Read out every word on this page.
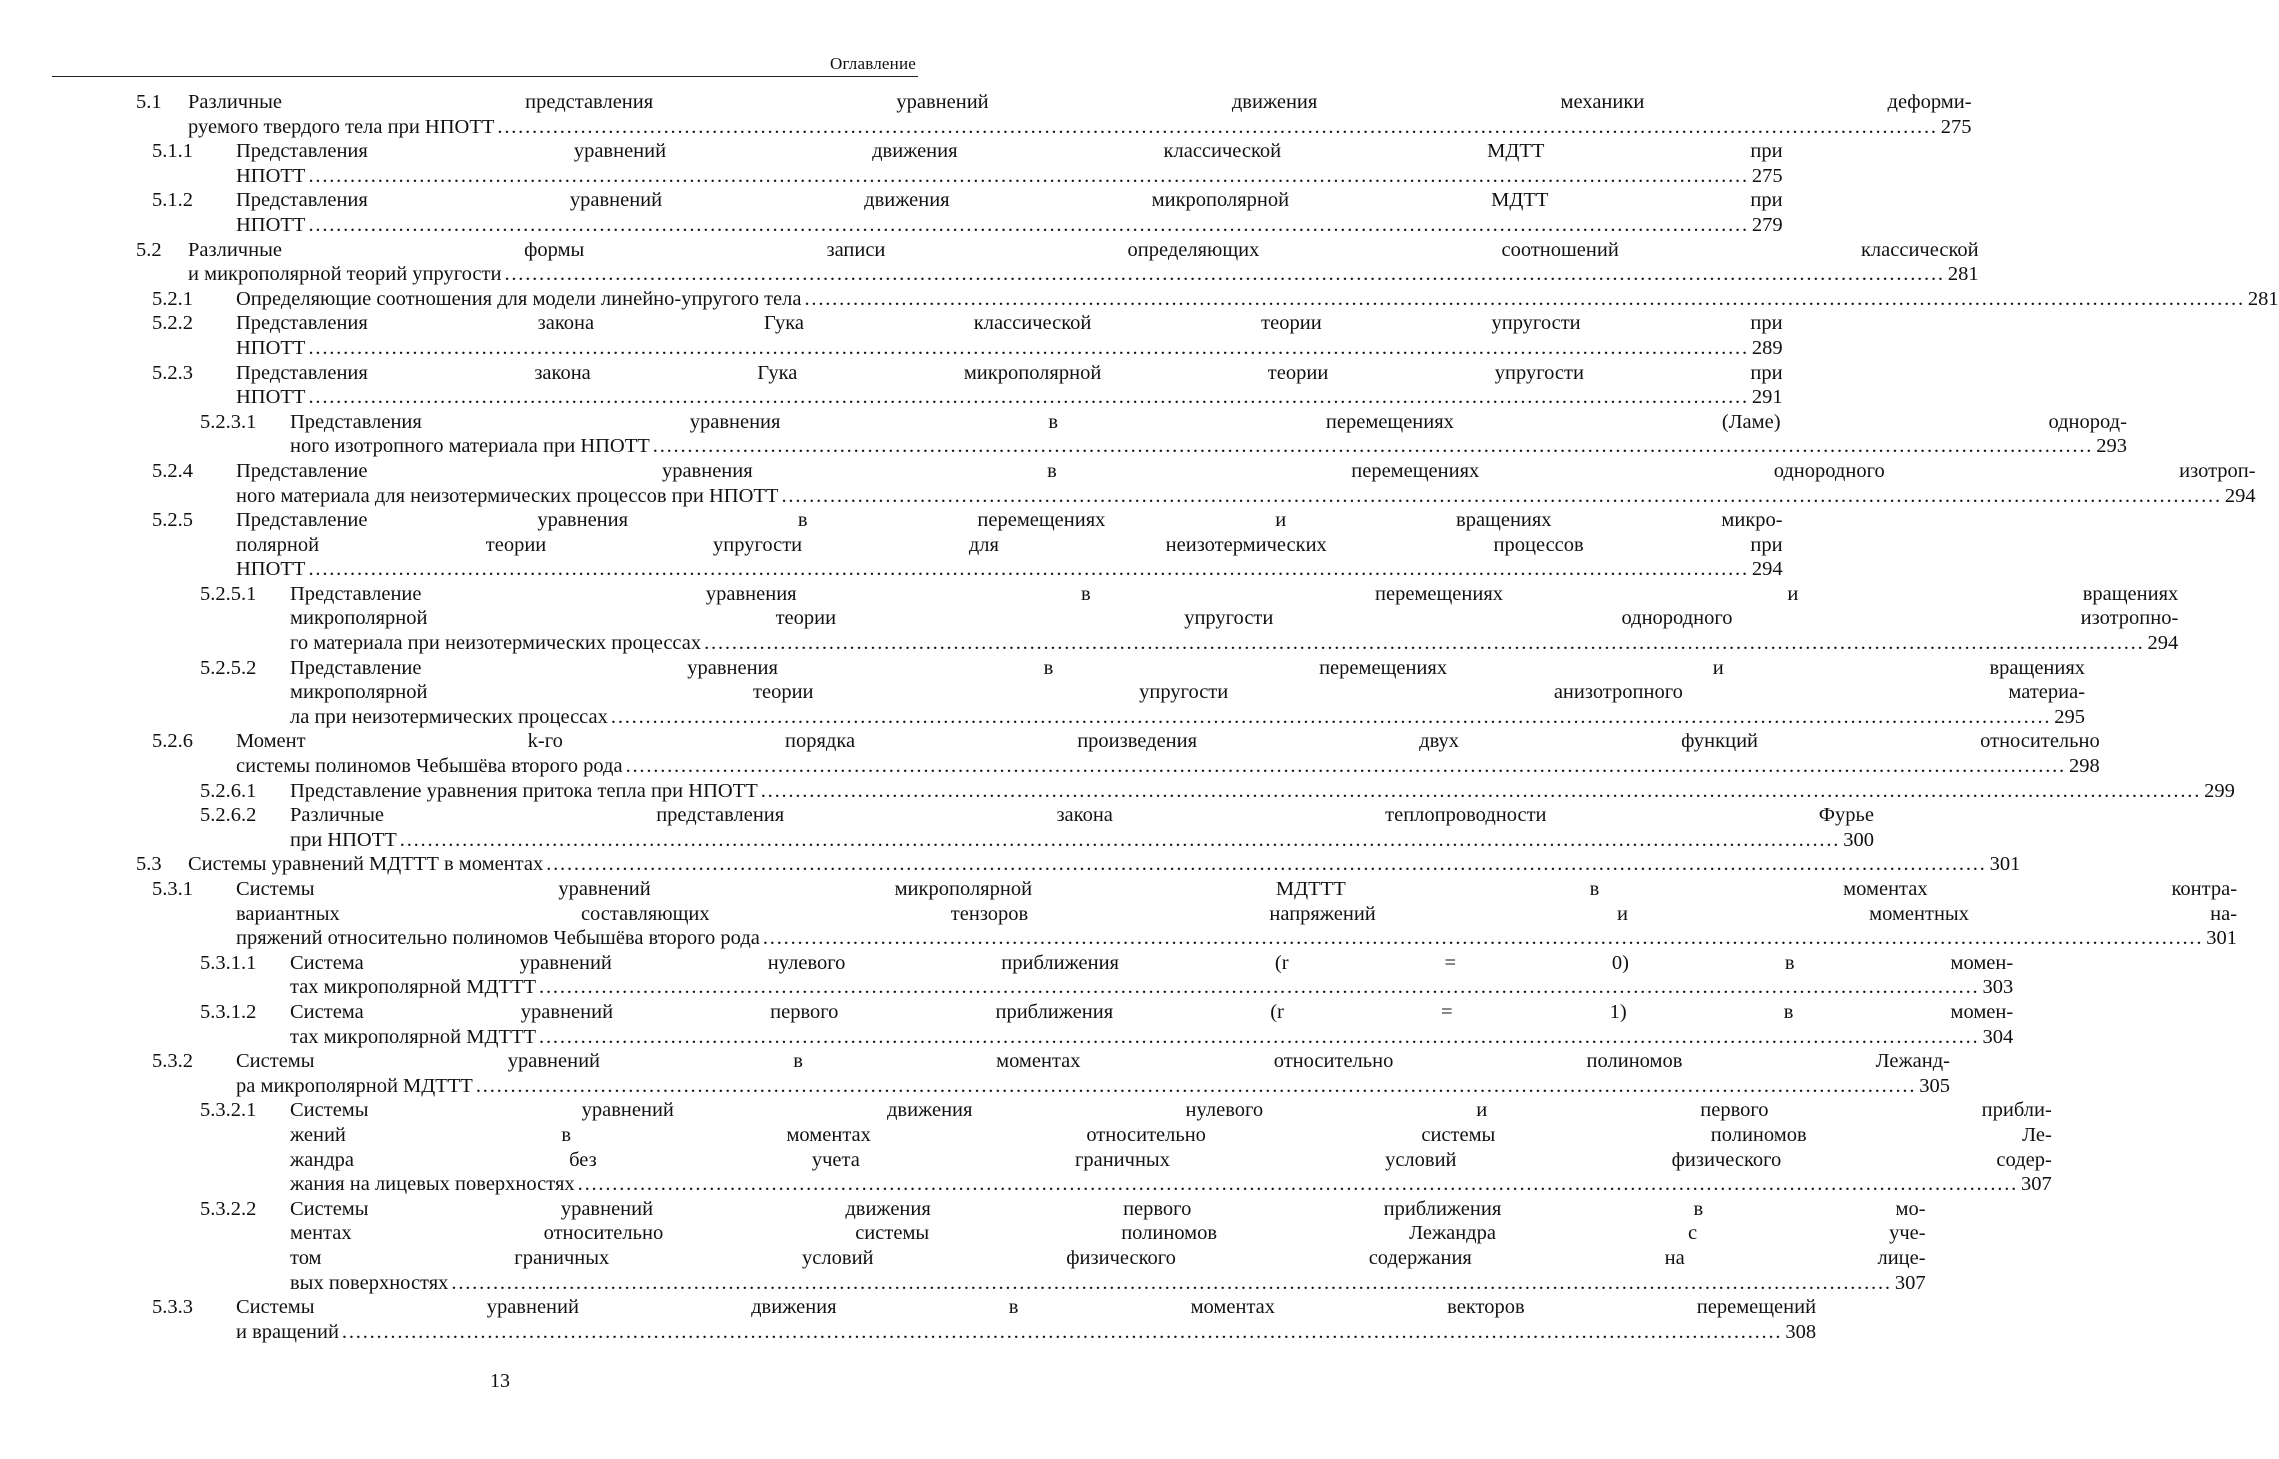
Оглавление
5.1	Различные представления уравнений движения механики деформи-
руемого твердого тела при НПОТТ .....	275
5.1.1	Представления уравнений движения классической МДТТ при
НПОТТ .....	275
5.1.2	Представления уравнений движения микрополярной МДТТ при
НПОТТ .....	279
5.2	Различные формы записи определяющих соотношений классической
и микрополярной теорий упругости .....	281
5.2.1	Определяющие соотношения для модели линейно-упругого тела .....	281
5.2.2	Представления закона Гука классической теории упругости при
НПОТТ .....	289
5.2.3	Представления закона Гука микрополярной теории упругости при
НПОТТ .....	291
5.2.3.1	Представления уравнения в перемещениях (Ламе) однород-
ного изотропного материала при НПОТТ .....	293
5.2.4	Представление уравнения в перемещениях однородного изотроп-
ного материала для неизотермических процессов при НПОТТ .....	294
5.2.5	Представление уравнения в перемещениях и вращениях микро-
полярной теории упругости для неизотермических процессов при
НПОТТ .....	294
5.2.5.1	Представление уравнения в перемещениях и вращениях
микрополярной теории упругости однородного изотропно-
го материала при неизотермических процессах .....	294
5.2.5.2	Представление уравнения в перемещениях и вращениях
микрополярной теории упругости анизотропного материа-
ла при неизотермических процессах .....	295
5.2.6	Момент k-го порядка произведения двух функций относительно
системы полиномов Чебышёва второго рода .....	298
5.2.6.1	Представление уравнения притока тепла при НПОТТ .....	299
5.2.6.2	Различные представления закона теплопроводности Фурье
при НПОТТ .....	300
5.3	Системы уравнений МДТТТ в моментах .....	301
5.3.1	Системы уравнений микрополярной МДТТТ в моментах контра-
вариантных составляющих тензоров напряжений и моментных на-
пряжений относительно полиномов Чебышёва второго рода .....	301
5.3.1.1	Система уравнений нулевого приближения (r = 0) в момен-
тах микрополярной МДТТТ .....	303
5.3.1.2	Система уравнений первого приближения (r = 1) в момен-
тах микрополярной МДТТТ .....	304
5.3.2	Системы уравнений в моментах относительно полиномов Лежанд-
ра микрополярной МДТТТ .....	305
5.3.2.1	Системы уравнений движения нулевого и первого прибли-
жений в моментах относительно системы полиномов Ле-
жандра без учета граничных условий физического содер-
жания на лицевых поверхностях .....	307
5.3.2.2	Системы уравнений движения первого приближения в мо-
ментах относительно системы полиномов Лежандра с уче-
том граничных условий физического содержания на лице-
вых поверхностях .....	307
5.3.3	Системы уравнений движения в моментах векторов перемещений
и вращений .....	308
13
